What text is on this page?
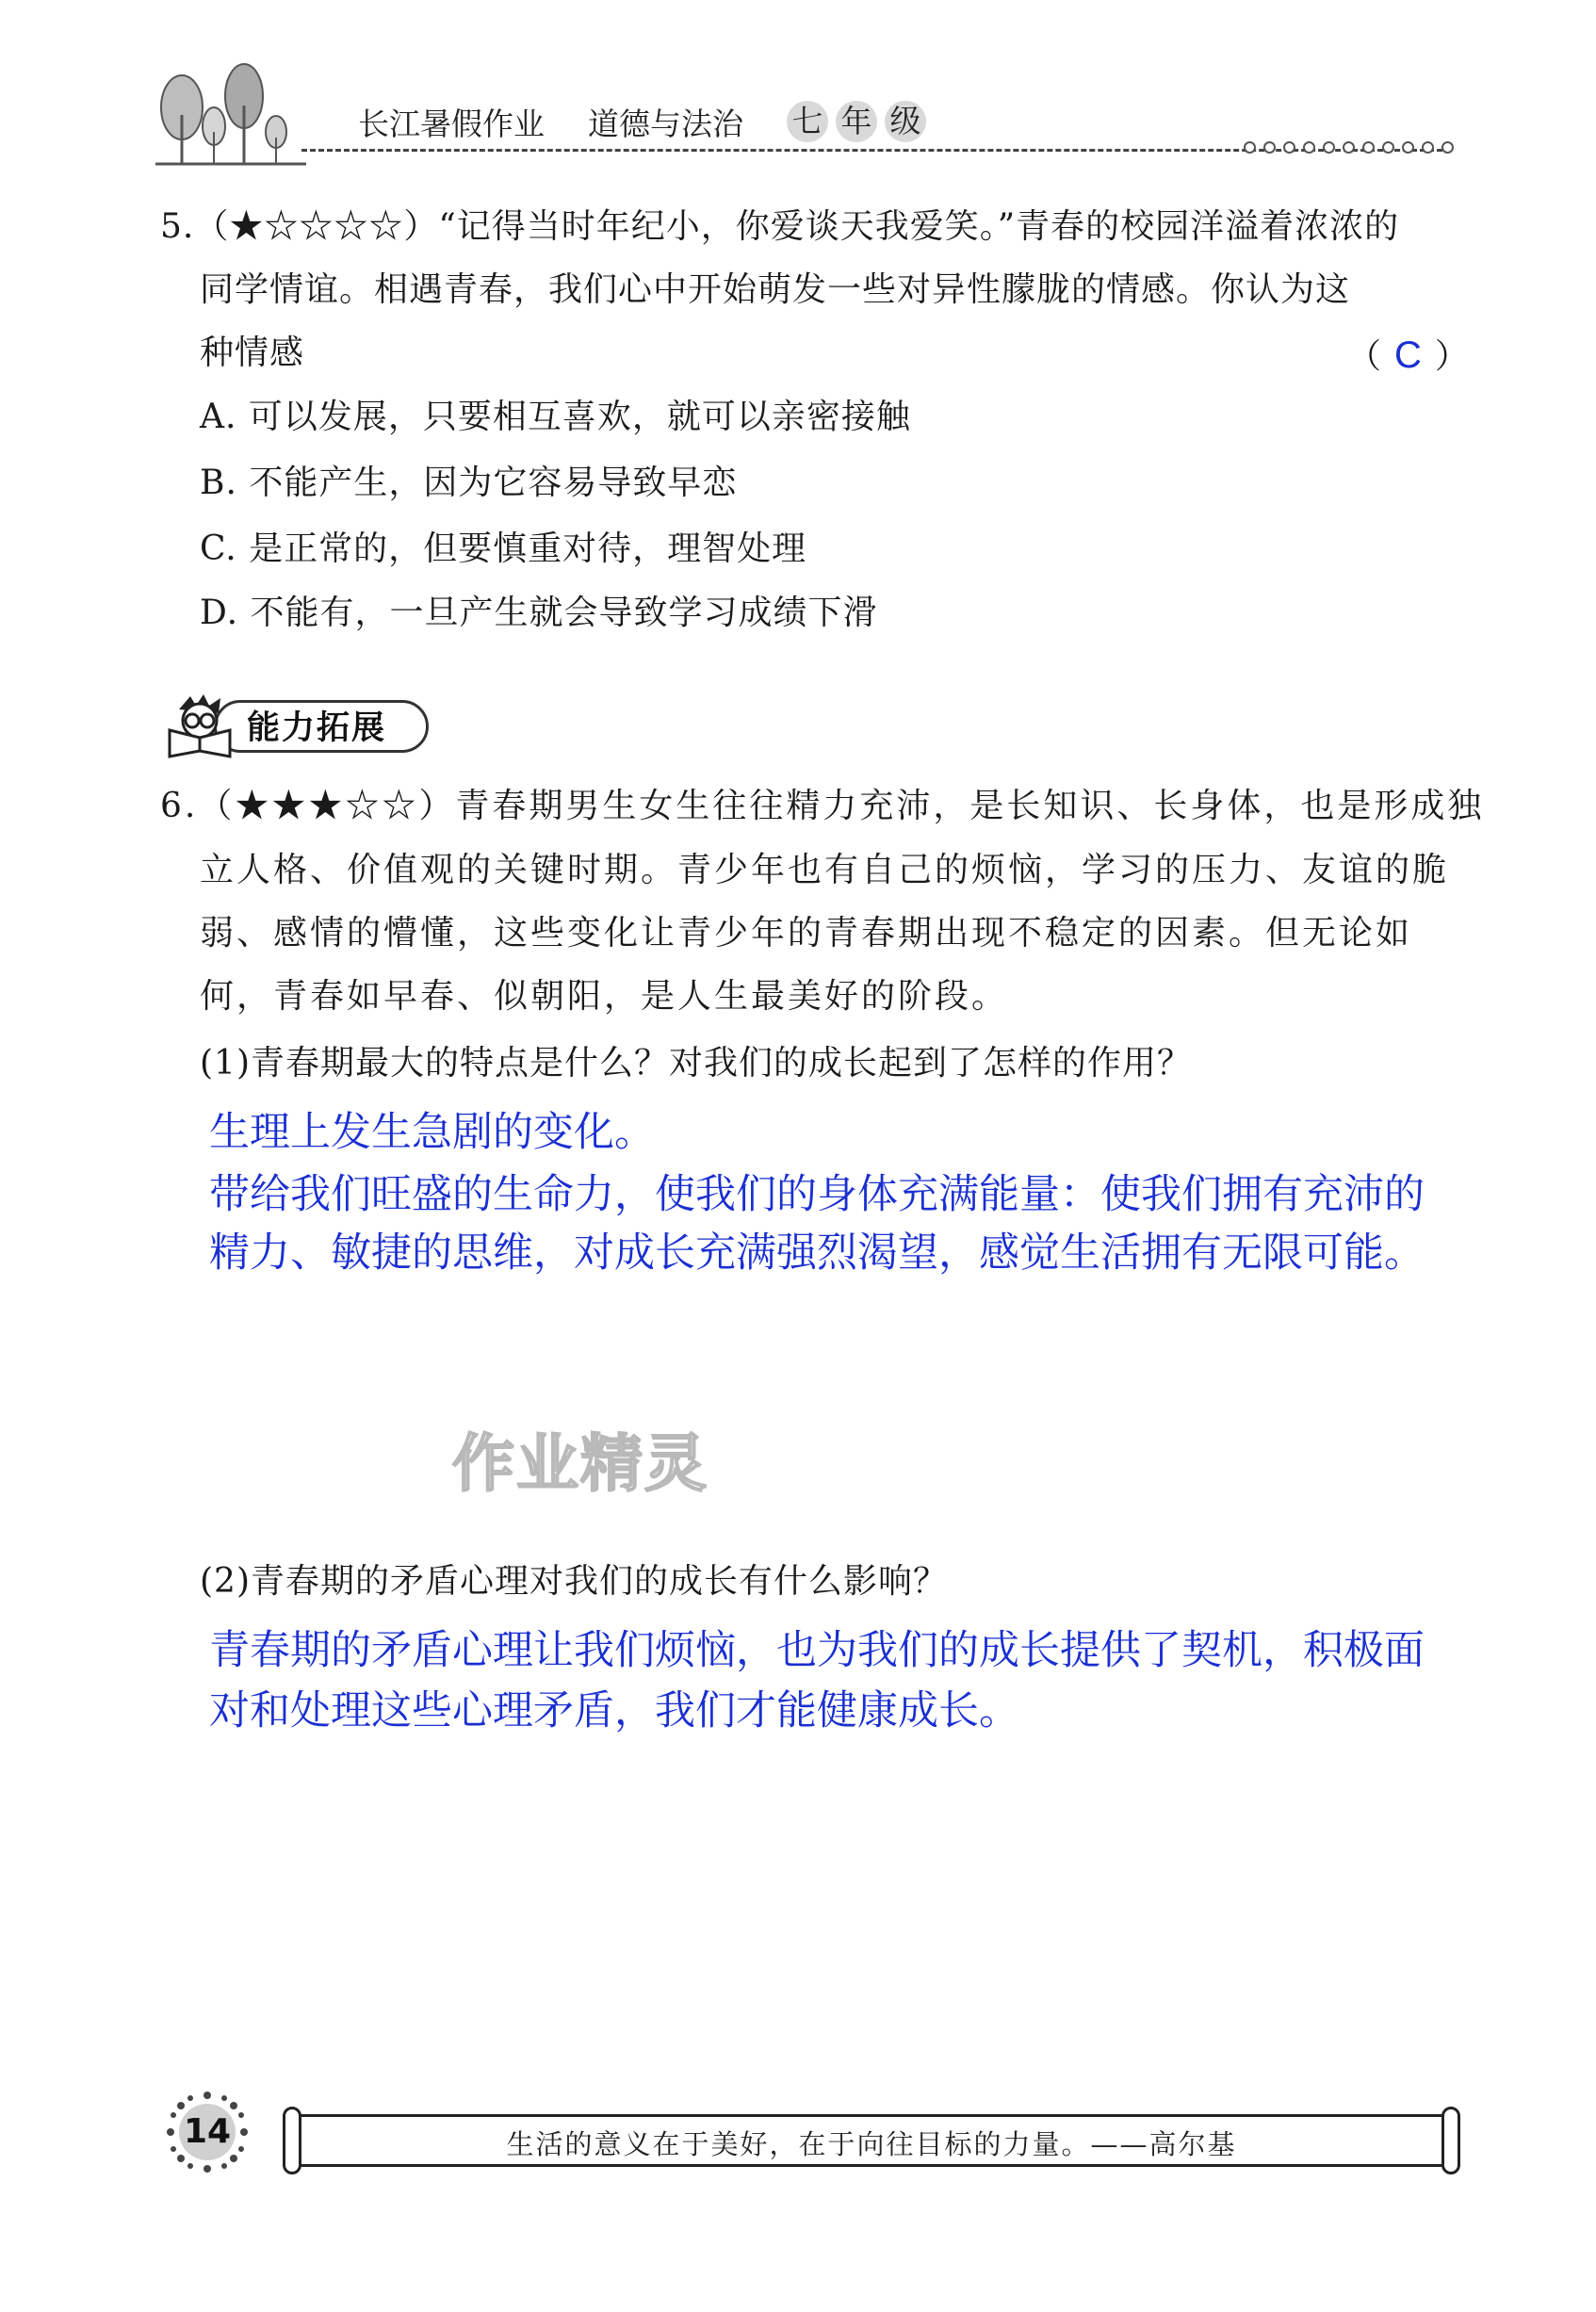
长江暑假作业 道德与法治 七 年 级
5.（★☆☆☆☆）“记得当时年纪小，你爱谈天我爱笑。”青春的校园洋溢着浓浓的
同学情谊。相遇青春，我们心中开始萌发一些对异性朦胧的情感。你认为这
种情感	（ C ）
A. 可以发展，只要相互喜欢，就可以亲密接触
B. 不能产生，因为它容易导致早恋
C. 是正常的，但要慎重对待，理智处理
D. 不能有，一旦产生就会导致学习成绩下滑
能力拓展
6.（★★★☆☆）青春期男生女生往往精力充沛，是长知识、长身体，也是形成独
立人格、价值观的关键时期。青少年也有自己的烦恼，学习的压力、友谊的脆
弱、感情的懵懂，这些变化让青少年的青春期出现不稳定的因素。但无论如
何，青春如早春、似朝阳，是人生最美好的阶段。
(1)青春期最大的特点是什么？对我们的成长起到了怎样的作用？
生理上发生急剧的变化。
带给我们旺盛的生命力，使我们的身体充满能量：使我们拥有充沛的
精力、敏捷的思维，对成长充满强烈渴望，感觉生活拥有无限可能。
作业精灵
(2)青春期的矛盾心理对我们的成长有什么影响？
青春期的矛盾心理让我们烦恼，也为我们的成长提供了契机，积极面
对和处理这些心理矛盾，我们才能健康成长。
14	生活的意义在于美好，在于向往目标的力量。——高尔基
